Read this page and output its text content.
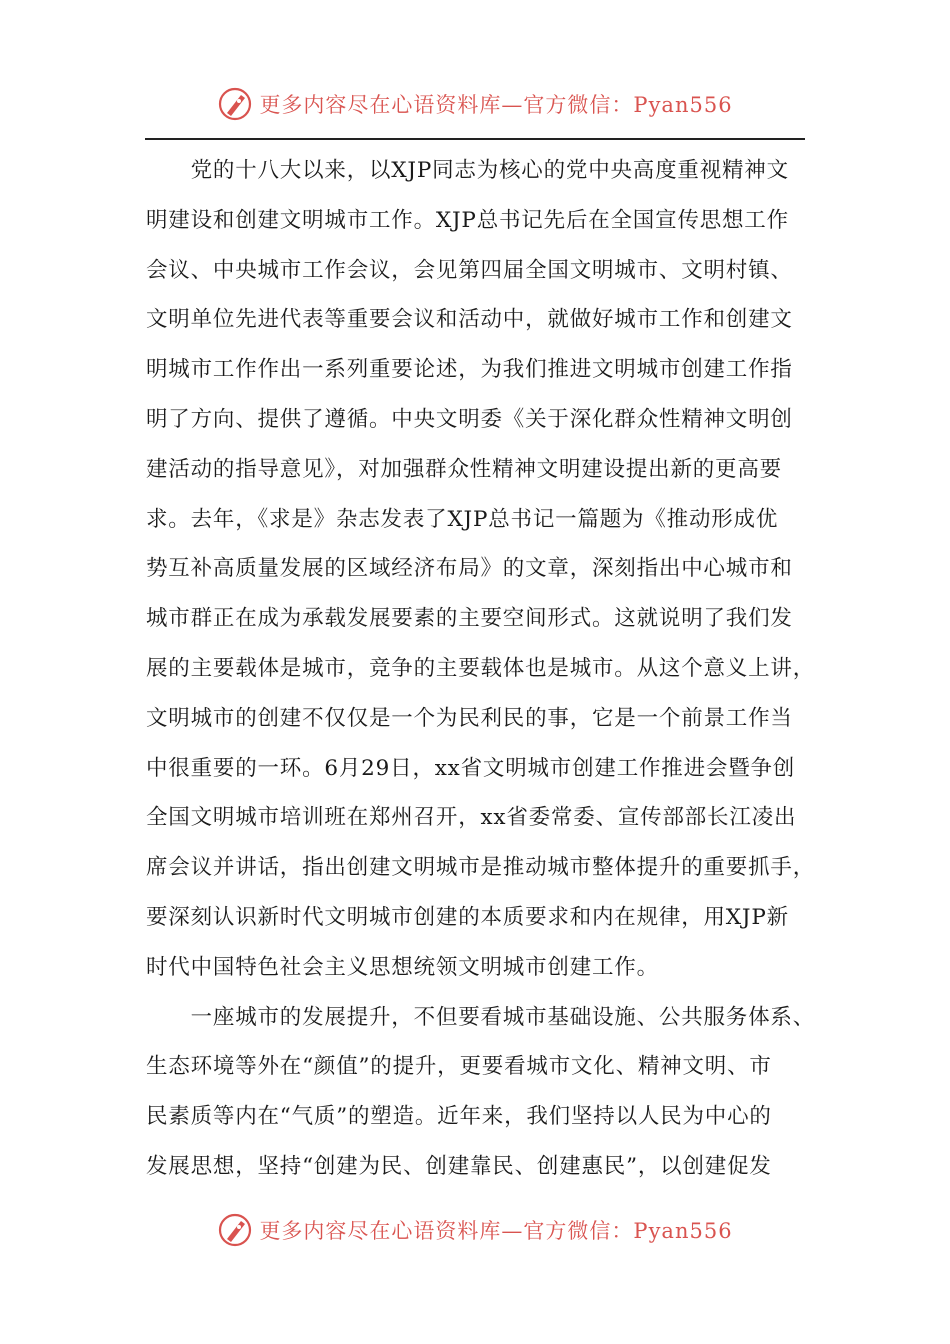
更多内容尽在心语资料库—官方微信：Pyan556
　　党的十八大以来，以XJP同志为核心的党中央高度重视精神文
明建设和创建文明城市工作。XJP总书记先后在全国宣传思想工作
会议、中央城市工作会议，会见第四届全国文明城市、文明村镇、
文明单位先进代表等重要会议和活动中，就做好城市工作和创建文
明城市工作作出一系列重要论述，为我们推进文明城市创建工作指
明了方向、提供了遵循。中央文明委《关于深化群众性精神文明创
建活动的指导意见》，对加强群众性精神文明建设提出新的更高要
求。去年，《求是》杂志发表了XJP总书记一篇题为《推动形成优
势互补高质量发展的区域经济布局》的文章，深刻指出中心城市和
城市群正在成为承载发展要素的主要空间形式。这就说明了我们发
展的主要载体是城市，竞争的主要载体也是城市。从这个意义上讲，
文明城市的创建不仅仅是一个为民利民的事，它是一个前景工作当
中很重要的一环。6月29日，xx省文明城市创建工作推进会暨争创
全国文明城市培训班在郑州召开，xx省委常委、宣传部部长江凌出
席会议并讲话，指出创建文明城市是推动城市整体提升的重要抓手，
要深刻认识新时代文明城市创建的本质要求和内在规律，用XJP新
时代中国特色社会主义思想统领文明城市创建工作。
　　一座城市的发展提升，不但要看城市基础设施、公共服务体系、
生态环境等外在“颜值”的提升，更要看城市文化、精神文明、市
民素质等内在“气质”的塑造。近年来，我们坚持以人民为中心的
发展思想，坚持“创建为民、创建靠民、创建惠民”，以创建促发
更多内容尽在心语资料库—官方微信：Pyan556
